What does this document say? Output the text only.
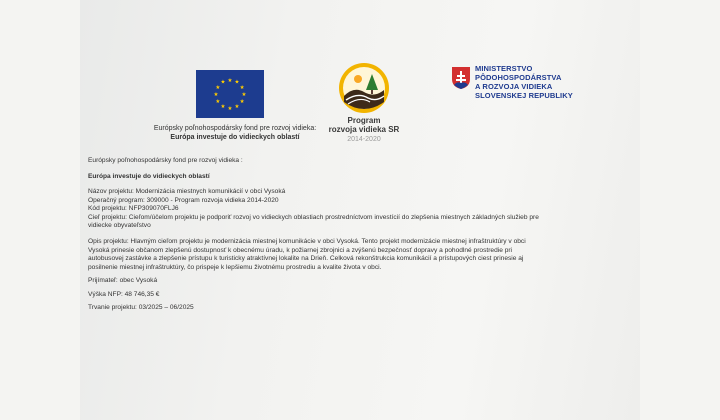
★ ★
★
★
★
★
★
★
★
★
★
★
Európsky poľnohospodársky fond pre rozvoj vidieka:
Európa investuje do vidieckych oblastí
Program
rozvoja vidieka SR
2014-2020
MINISTERSTVO
PÔDOHOSPODÁRSTVA
A ROZVOJA VIDIEKA
SLOVENSKEJ REPUBLIKY
Európsky poľnohospodársky fond pre rozvoj vidieka :
Európa investuje do vidieckych oblastí
Názov projektu: Modernizácia miestnych komunikácií v obci Vysoká
Operačný program: 309000 - Program rozvoja vidieka 2014-2020
Kód projektu: NFP309070FLJ6
Cieľ projektu: Cieľom/účelom projektu je podporiť rozvoj vo vidieckych oblastiach prostredníctvom investícií do zlepšenia miestnych základných služieb pre
vidiecke obyvateľstvo
Opis projektu: Hlavným cieľom projektu je modernizácia miestnej komunikácie v obci Vysoká. Tento projekt modernizácie miestnej infraštruktúry v obci
Vysoká prinesie občanom zlepšenú dostupnosť k obecnému úradu, k požiarnej zbrojnici a zvýšenú bezpečnosť dopravy a pohodlné prostredie pri
autobusovej zastávke a zlepšenie prístupu k turisticky atraktívnej lokalite na Drieň. Celková rekonštrukcia komunikácií a prístupových ciest prinesie aj
posilnenie miestnej infraštruktúry, čo prispeje k lepšiemu životnému prostrediu a kvalite života v obci.
Prijímateľ: obec Vysoká
Výška NFP: 48 746,35 €
Trvanie projektu: 03/2025 – 06/2025
